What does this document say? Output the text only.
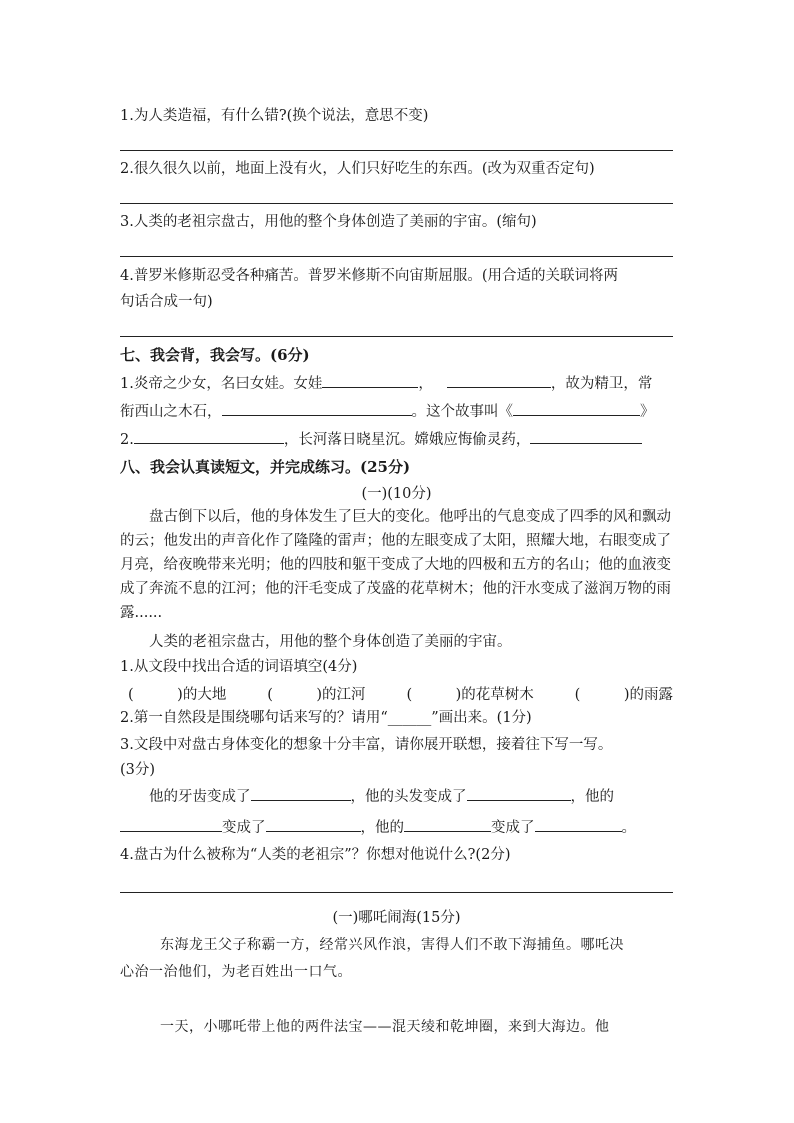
1.为人类造福，有什么错?(换个说法，意思不变)
2.很久很久以前，地面上没有火，人们只好吃生的东西。(改为双重否定句)
3.人类的老祖宗盘古，用他的整个身体创造了美丽的宇宙。(缩句)
4.普罗米修斯忍受各种痛苦。普罗米修斯不向宙斯屈服。(用合适的关联词将两
句话合成一句)
七、我会背，我会写。(6分)
1.炎帝之少女，名曰女娃。女娃	，	，故为精卫，常
衔西山之木石，	。这个故事叫《	》
2.	，长河落日晓星沉。嫦娥应悔偷灵药，
八、我会认真读短文，并完成练习。(25分)
(一)(10分)
盘古倒下以后，他的身体发生了巨大的变化。他呼出的气息变成了四季的风和飘动的云；他发出的声音化作了隆隆的雷声；他的左眼变成了太阳，照耀大地，右眼变成了月亮，给夜晚带来光明；他的四肢和躯干变成了大地的四极和五方的名山；他的血液变成了奔流不息的江河；他的汗毛变成了茂盛的花草树木；他的汗水变成了滋润万物的雨露......
人类的老祖宗盘古，用他的整个身体创造了美丽的宇宙。
1.从文段中找出合适的词语填空(4分)
(　　　)的大地	(　　　)的江河	(　　　)的花草树木	(　　　)的雨露
2.第一自然段是围绕哪句话来写的？请用“______”画出来。(1分)
3.文段中对盘古身体变化的想象十分丰富，请你展开联想，接着往下写一写。
(3分)
他的牙齿变成了	，他的头发变成了	，他的
变成了	，他的	变成了	。
4.盘古为什么被称为“人类的老祖宗”？你想对他说什么?(2分)
(一)哪吒闹海(15分)
东海龙王父子称霸一方，经常兴风作浪，害得人们不敢下海捕鱼。哪吒决
心治一治他们，为老百姓出一口气。
一天，小哪吒带上他的两件法宝——混天绫和乾坤圈，来到大海边。他
